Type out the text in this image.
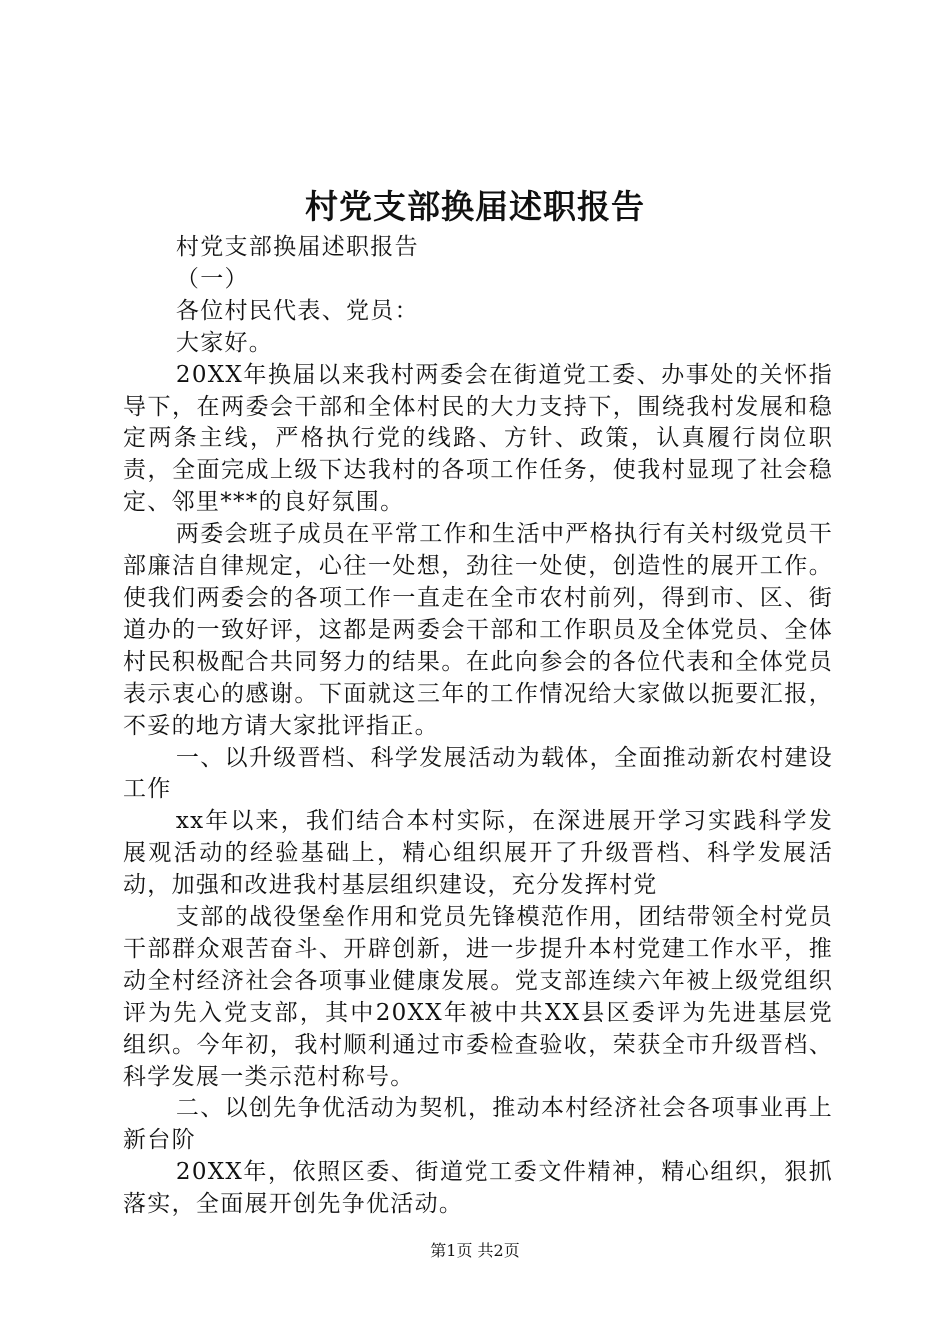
村党支部换届述职报告

村党支部换届述职报告

（一）

各位村民代表、党员：

大家好。

20XX年换届以来我村两委会在街道党工委、办事处的关怀指导下，在两委会干部和全体村民的大力支持下，围绕我村发展和稳定两条主线，严格执行党的线路、方针、政策，认真履行岗位职责，全面完成上级下达我村的各项工作任务，使我村显现了社会稳定、邻里***的良好氛围。

两委会班子成员在平常工作和生活中严格执行有关村级党员干部廉洁自律规定，心往一处想，劲往一处使，创造性的展开工作。使我们两委会的各项工作一直走在全市农村前列，得到市、区、街道办的一致好评，这都是两委会干部和工作职员及全体党员、全体村民积极配合共同努力的结果。在此向参会的各位代表和全体党员表示衷心的感谢。下面就这三年的工作情况给大家做以扼要汇报，不妥的地方请大家批评指正。

一、以升级晋档、科学发展活动为载体，全面推动新农村建设工作

xx年以来，我们结合本村实际，在深进展开学习实践科学发展观活动的经验基础上，精心组织展开了升级晋档、科学发展活动，加强和改进我村基层组织建设，充分发挥村党

支部的战役堡垒作用和党员先锋模范作用，团结带领全村党员干部群众艰苦奋斗、开辟创新，进一步提升本村党建工作水平，推动全村经济社会各项事业健康发展。党支部连续六年被上级党组织评为先入党支部，其中20XX年被中共XX县区委评为先进基层党组织。今年初，我村顺利通过市委检查验收，荣获全市升级晋档、科学发展一类示范村称号。

二、以创先争优活动为契机，推动本村经济社会各项事业再上新台阶

20XX年，依照区委、街道党工委文件精神，精心组织，狠抓落实，全面展开创先争优活动。

第1页 共2页
